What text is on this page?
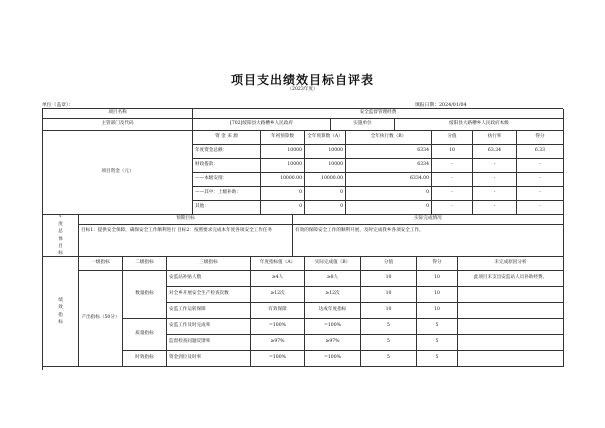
项目支出绩效目标自评表
（2023年度）
单位（盖章）：	填报日期：2024/01/04
项目名称	安全监督管理经费
主管部门及代码	[702]绥阳县大路槽乡人民政府	实施单位	绥阳县大路槽乡人民政府本级
项目资金（元）
年度总体目标
预期目标	实际完成情况
目标1：提供安全保障，确保安全工作顺利进行 目标2：按照要求完成本年度各项安全工作任务	有效的保障安全工作的顺利开展，及时完成我乡各项安全工作。
绩效指标
资 金 来 源	年初预算数	全年预算数（A）	全年执行数（B）	分值	执行率	得分
年度资金总额：	10000	10000	6334	10	63.34	6.33
财政拨款：	10000	10000	6334	-	-	-
——本级安排：	10000.00	10000.00	6334.00	-	-	-
——其中：上级补助：	0	0	0	-	-	-
其他：	0	0	0	-	-	-
一级指标	二级指标	三级指标	年度指标值（A）	实际完成值（B）	分值	得分	未完成原因分析
产出指标（50分）
数量指标
安监站补贴人数	≥4人	≥8人	10	10	此项目未支出安监站人员补助经费。
对全乡开展安全生产检查次数	≥12次	≥12次	10	10
安监工作运转保障	有效保障	达成年度指标	10	10
质量指标
安监工作及时完成率	=100%	=100%	5	5
监督检查问题反馈率	≥97%	≥97%	5	5
时效指标	资金到位及时率	=100%	=100%	5	5
